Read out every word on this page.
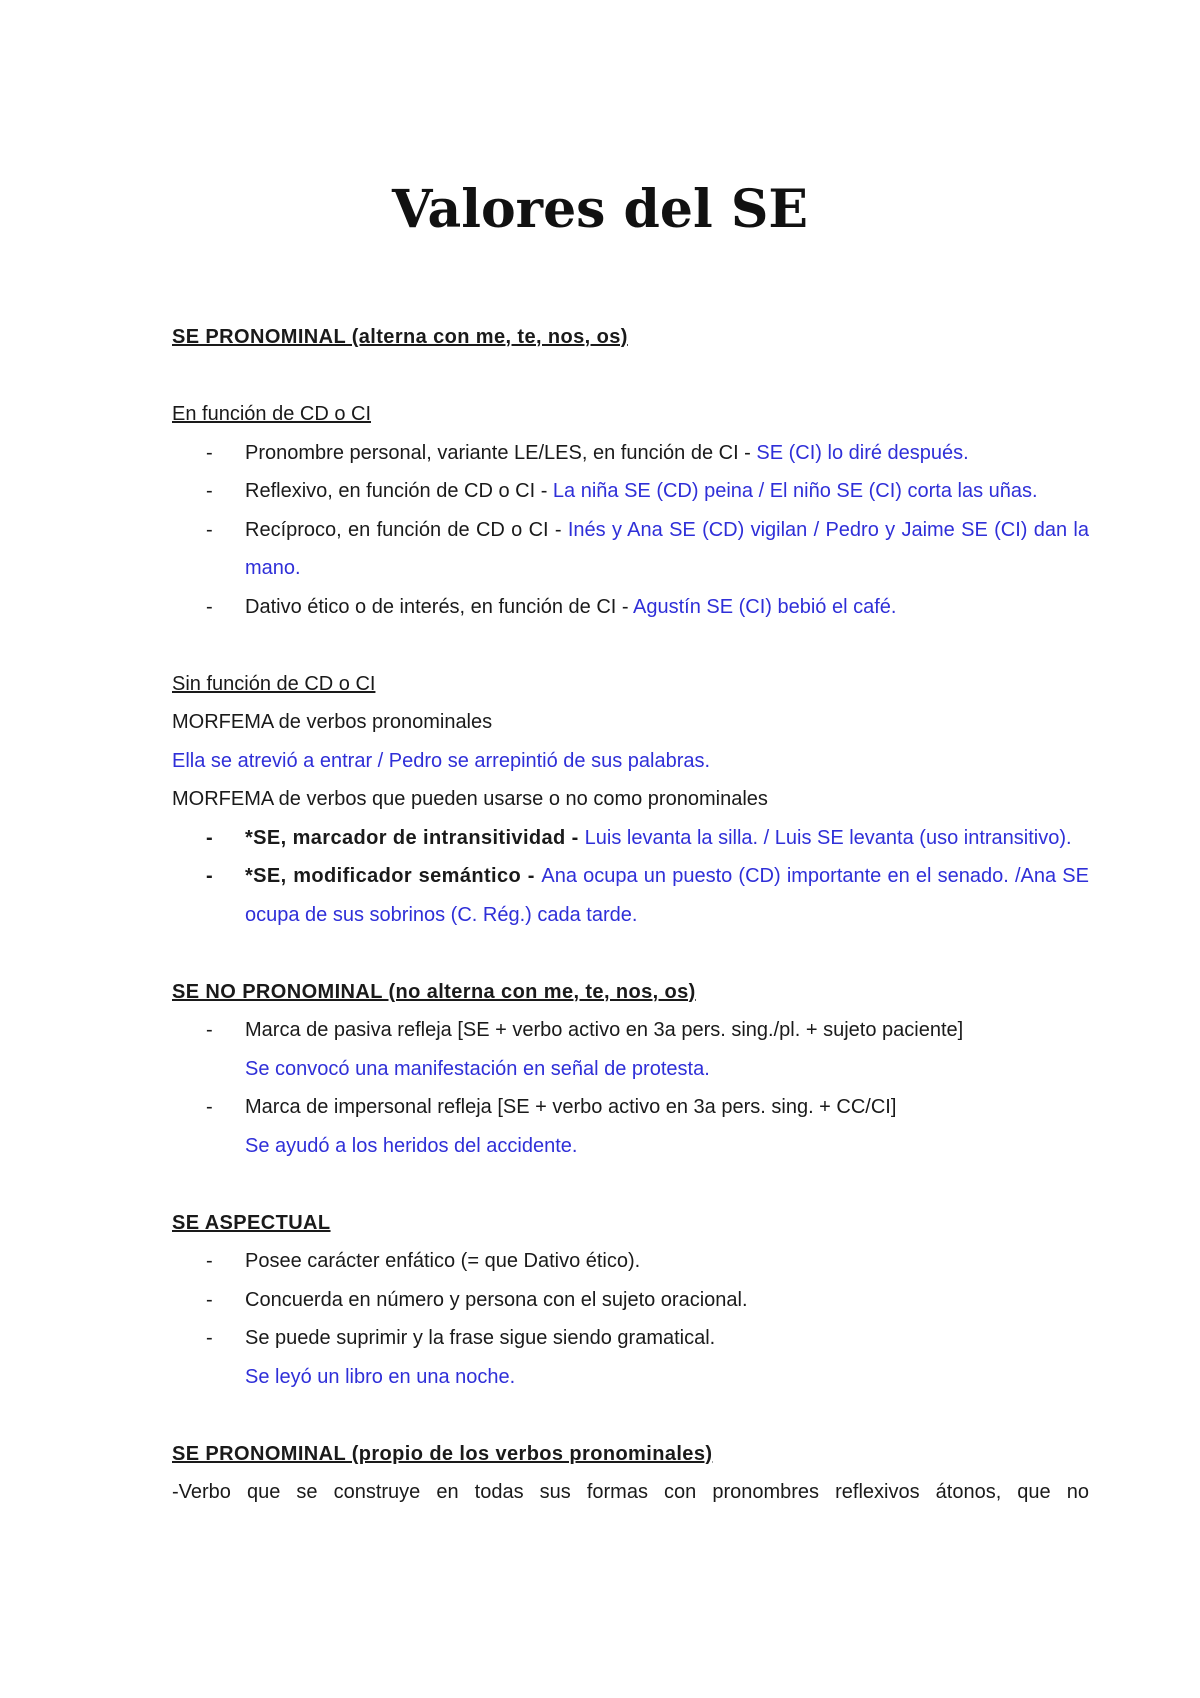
Valores del SE
SE PRONOMINAL (alterna con me, te, nos, os)
En función de CD o CI
- Pronombre personal, variante LE/LES, en función de CI - SE (CI) lo diré después.
- Reflexivo, en función de CD o CI - La niña SE (CD) peina / El niño SE (CI) corta las uñas.
- Recíproco, en función de CD o CI - Inés y Ana SE (CD) vigilan / Pedro y Jaime SE (CI) dan la mano.
- Dativo ético o de interés, en función de CI - Agustín SE (CI) bebió el café.
Sin función de CD o CI
MORFEMA de verbos pronominales
Ella se atrevió a entrar / Pedro se arrepintió de sus palabras.
MORFEMA de verbos que pueden usarse o no como pronominales
- *SE, marcador de intransitividad - Luis levanta la silla. / Luis SE levanta (uso intransitivo).
- *SE, modificador semántico - Ana ocupa un puesto (CD) importante en el senado. /Ana SE ocupa de sus sobrinos (C. Rég.) cada tarde.
SE NO PRONOMINAL (no alterna con me, te, nos, os)
- Marca de pasiva refleja [SE + verbo activo en 3a pers. sing./pl. + sujeto paciente]
Se convocó una manifestación en señal de protesta.
- Marca de impersonal refleja [SE + verbo activo en 3a pers. sing. + CC/CI]
Se ayudó a los heridos del accidente.
SE ASPECTUAL
- Posee carácter enfático (= que Dativo ético).
- Concuerda en número y persona con el sujeto oracional.
- Se puede suprimir y la frase sigue siendo gramatical.
Se leyó un libro en una noche.
SE PRONOMINAL (propio de los verbos pronominales)
-Verbo que se construye en todas sus formas con pronombres reflexivos átonos, que no
